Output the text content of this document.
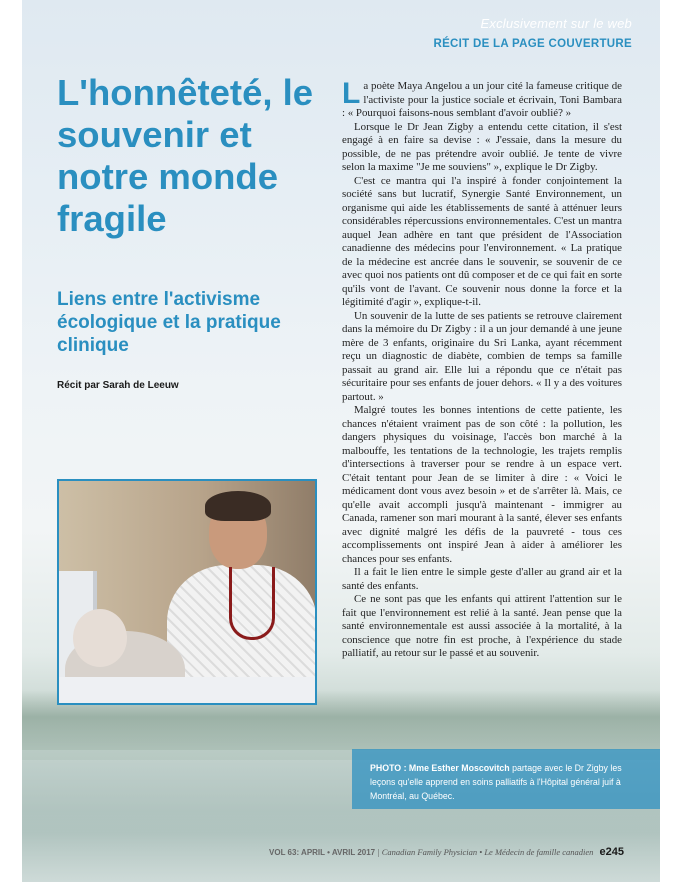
Exclusivement sur le web
RÉCIT DE LA PAGE COUVERTURE
L'honnêteté, le souvenir et notre monde fragile
Liens entre l'activisme écologique et la pratique clinique
Récit par Sarah de Leeuw

La poète Maya Angelou a un jour cité la fameuse critique de l'activiste pour la justice sociale et écrivain, Toni Bambara : « Pourquoi faisons-nous semblant d'avoir oublié? »

Lorsque le Dr Jean Zigby a entendu cette citation, il s'est engagé à en faire sa devise : « J'essaie, dans la mesure du possible, de ne pas prétendre avoir oublié. Je tente de vivre selon la maxime "Je me souviens" », explique le Dr Zigby.

C'est ce mantra qui l'a inspiré à fonder conjointement la société sans but lucratif, Synergie Santé Environnement, un organisme qui aide les établissements de santé à atténuer leurs considérables répercussions environnementales. C'est un mantra auquel Jean adhère en tant que président de l'Association canadienne des médecins pour l'environnement. « La pratique de la médecine est ancrée dans le souvenir, se souvenir de ce avec quoi nos patients ont dû composer et de ce qui fait en sorte qu'ils vont de l'avant. Ce souvenir nous donne la force et la légitimité d'agir », explique-t-il.

Un souvenir de la lutte de ses patients se retrouve clairement dans la mémoire du Dr Zigby : il a un jour demandé à une jeune mère de 3 enfants, originaire du Sri Lanka, ayant récemment reçu un diagnostic de diabète, combien de temps sa famille passait au grand air. Elle lui a répondu que ce n'était pas sécuritaire pour ses enfants de jouer dehors. « Il y a des voitures partout. »

Malgré toutes les bonnes intentions de cette patiente, les chances n'étaient vraiment pas de son côté : la pollution, les dangers physiques du voisinage, l'accès bon marché à la malbouffe, les tentations de la technologie, les trajets remplis d'intersections à traverser pour se rendre à un espace vert. C'était tentant pour Jean de se limiter à dire : « Voici le médicament dont vous avez besoin » et de s'arrêter là. Mais, ce qu'elle avait accompli jusqu'à maintenant - immigrer au Canada, ramener son mari mourant à la santé, élever ses enfants avec dignité malgré les défis de la pauvreté - tous ces accomplissements ont inspiré Jean à aider à améliorer les chances pour ses enfants.

Il a fait le lien entre le simple geste d'aller au grand air et la santé des enfants.

Ce ne sont pas que les enfants qui attirent l'attention sur le fait que l'environnement est relié à la santé. Jean pense que la santé environnementale est aussi associée à la mortalité, à la conscience que notre fin est proche, à l'expérience du stade palliatif, au retour sur le passé et au souvenir.

PHOTO : Mme Esther Moscovitch partage avec le Dr Zigby les leçons qu'elle apprend en soins palliatifs à l'Hôpital général juif à Montréal, au Québec.
VOL 63: APRIL • AVRIL 2017 | Canadian Family Physician • Le Médecin de famille canadien e245
